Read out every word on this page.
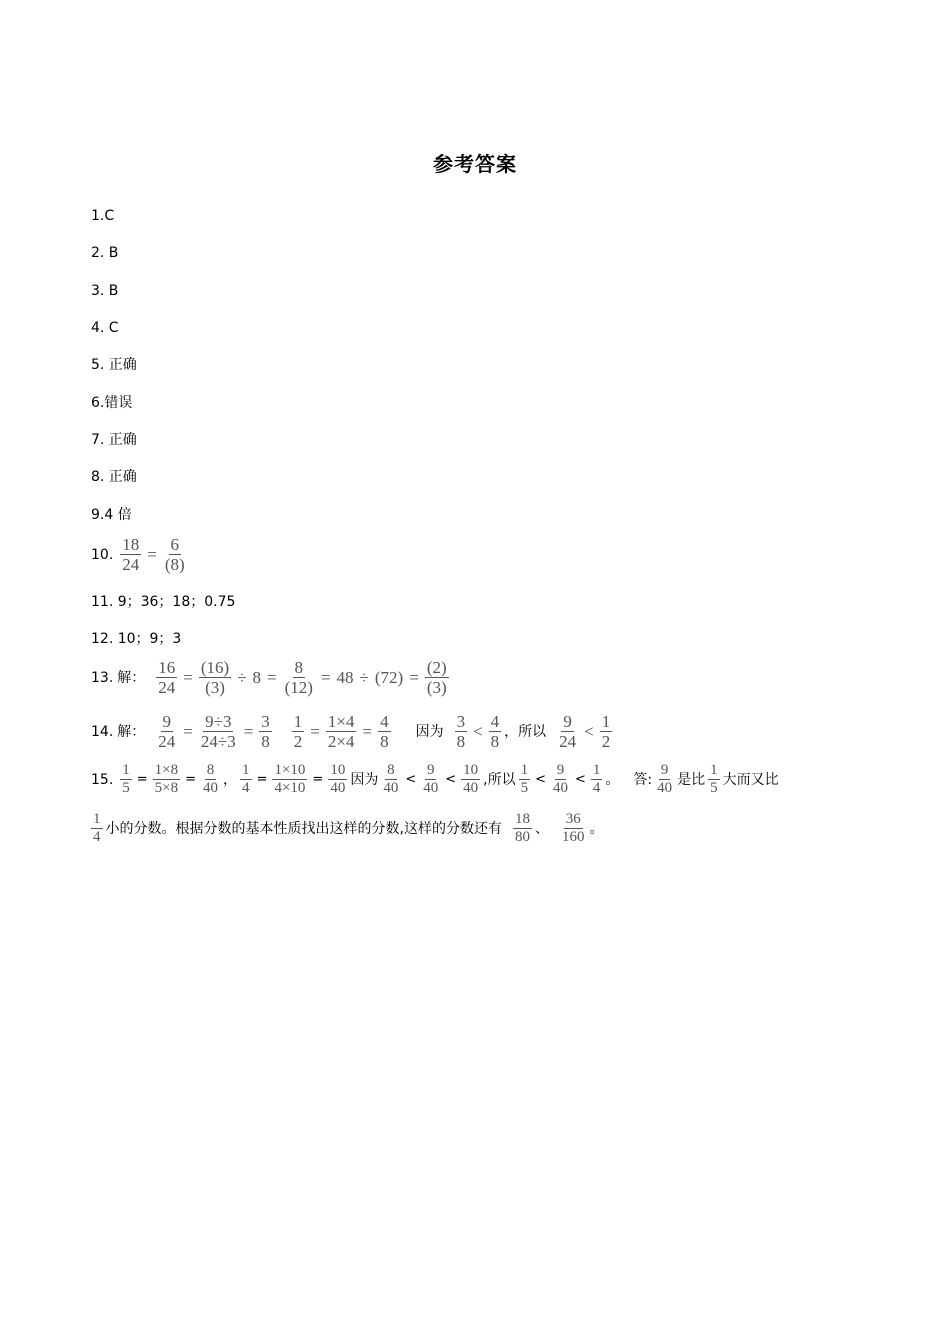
参考答案
1.C
2. B
3. B
4. C
5. 正确
6.错误
7. 正确
8. 正确
9.4 倍
10. $\frac{18}{24} = \frac{6}{(8)}$
11. 9；36；18；0.75
12. 10；9；3
13. 解： $\frac{16}{24} = \frac{(16)}{(3)} \div 8 = \frac{8}{(12)} = 48 \div (72) = \frac{(2)}{(3)}$
14. 解： $\frac{9}{24} = \frac{9\div 3}{24\div 3} = \frac{3}{8} \frac{1}{2} = \frac{1\times 4}{2\times 4} = \frac{4}{8}$ 因为 $\frac{3}{8} < \frac{4}{8}$ ，所以 $\frac{9}{24} < \frac{1}{2}$
15. $\frac{1}{5} = \frac{1\times 8}{5\times 8} = \frac{8}{40}$ ， $\frac{1}{4} = \frac{1\times 10}{4\times 10} = \frac{10}{40}$ 因为 $\frac{8}{40} < \frac{9}{40} < \frac{10}{40}$ ,所以 $\frac{1}{5} < \frac{9}{40} < \frac{1}{4}$ 。 答: $\frac{9}{40}$ 是比 $\frac{1}{5}$ 大而又比
$\frac{1}{4}$ 小的分数。根据分数的基本性质找出这样的分数,这样的分数还有 $\frac{18}{80}$ 、 $\frac{36}{160}$ 。
